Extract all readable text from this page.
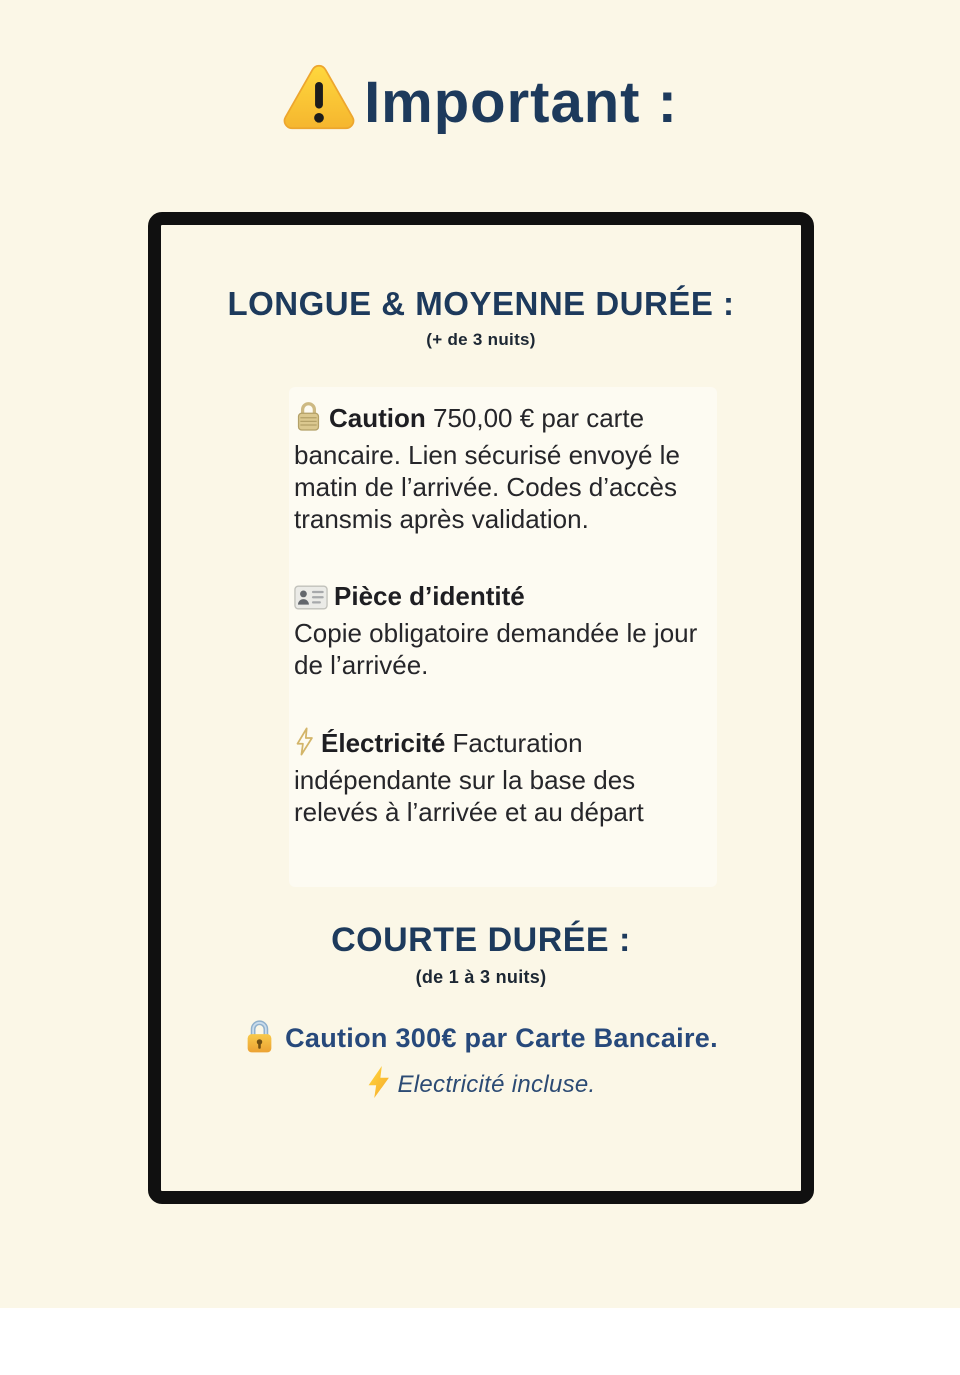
Important :
LONGUE & MOYENNE DURÉE :
(+ de 3 nuits)

Caution 750,00 € par carte bancaire. Lien sécurisé envoyé le matin de l’arrivée. Codes d’accès transmis après validation.

Pièce d’identité
Copie obligatoire demandée le jour de l’arrivée.

Électricité Facturation indépendante sur la base des relevés à l’arrivée et au départ

COURTE DURÉE :
(de 1 à 3 nuits)
Caution 300€ par Carte Bancaire.
Electricité incluse.
